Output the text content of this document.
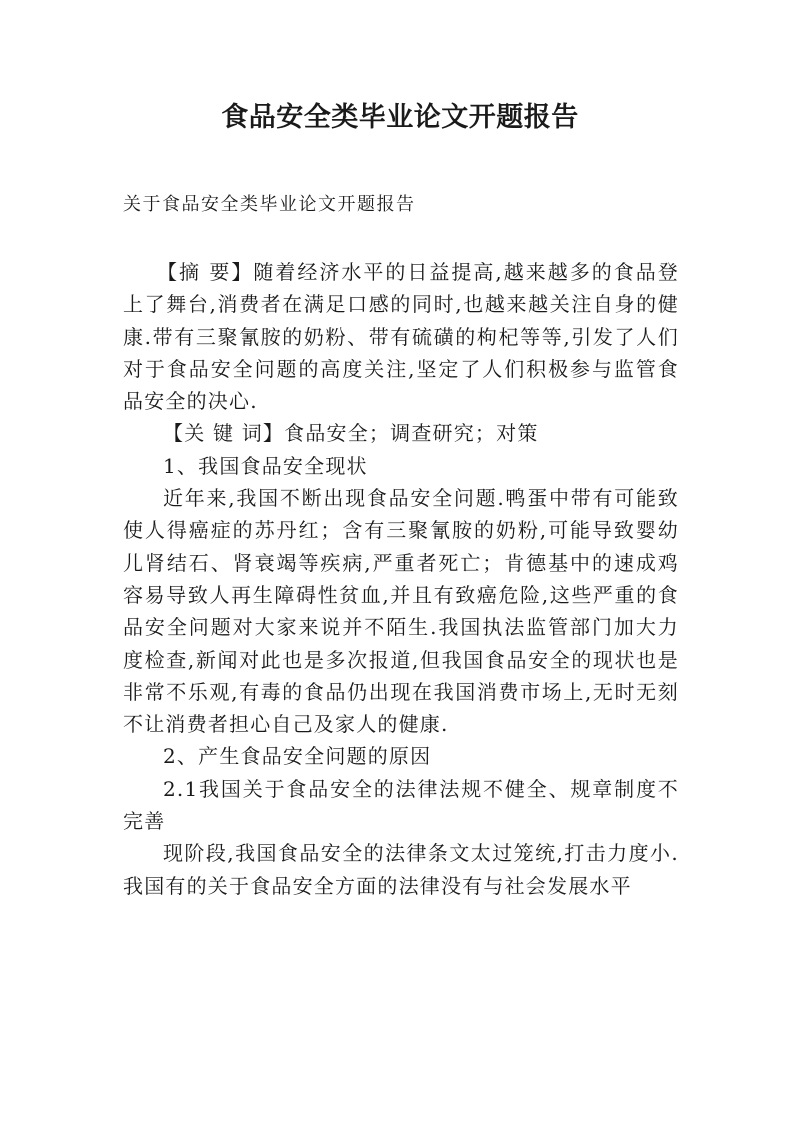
食品安全类毕业论文开题报告

关于食品安全类毕业论文开题报告

【摘 要】随着经济水平的日益提高,越来越多的食品登上了舞台,消费者在满足口感的同时,也越来越关注自身的健康.带有三聚氰胺的奶粉、带有硫磺的枸杞等等,引发了人们对于食品安全问题的高度关注,坚定了人们积极参与监管食品安全的决心.

【关 键 词】食品安全；调查研究；对策

1、我国食品安全现状

近年来,我国不断出现食品安全问题.鸭蛋中带有可能致使人得癌症的苏丹红；含有三聚氰胺的奶粉,可能导致婴幼儿肾结石、肾衰竭等疾病,严重者死亡；肯德基中的速成鸡容易导致人再生障碍性贫血,并且有致癌危险,这些严重的食品安全问题对大家来说并不陌生.我国执法监管部门加大力度检查,新闻对此也是多次报道,但我国食品安全的现状也是非常不乐观,有毒的食品仍出现在我国消费市场上,无时无刻不让消费者担心自己及家人的健康.

2、产生食品安全问题的原因

2.1我国关于食品安全的法律法规不健全、规章制度不完善

现阶段,我国食品安全的法律条文太过笼统,打击力度小.我国有的关于食品安全方面的法律没有与社会发展水平
